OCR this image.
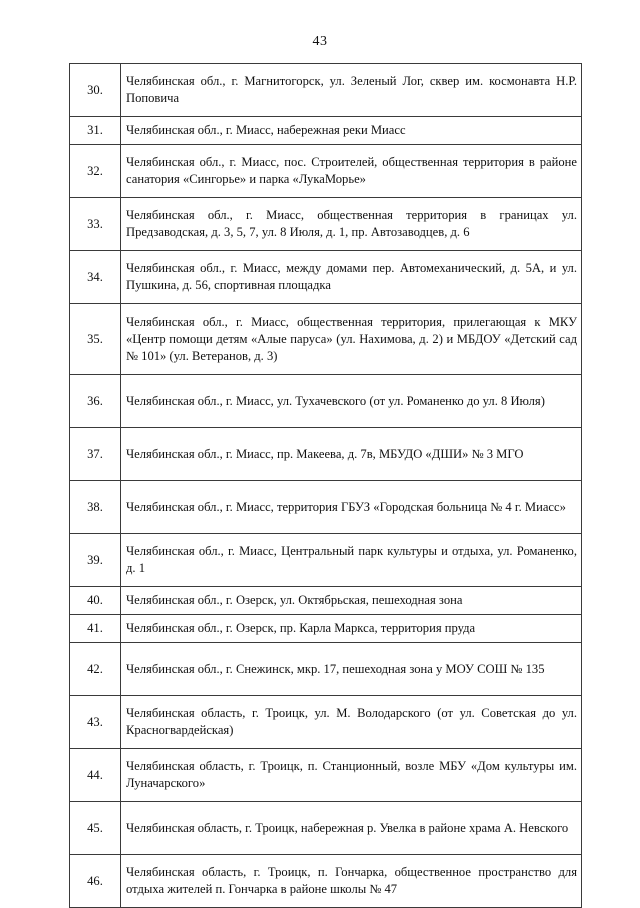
43
30.	Челябинская обл., г. Магнитогорск, ул. Зеленый Лог, сквер им. космонавта Н.Р. Поповича
31.	Челябинская обл., г. Миасс, набережная реки Миасс
32.	Челябинская обл., г. Миасс, пос. Строителей, общественная территория в районе санатория «Сингорье» и парка «ЛукаМорье»
33.	Челябинская обл., г. Миасс, общественная территория в границах ул. Предзаводская, д. 3, 5, 7, ул. 8 Июля, д. 1, пр. Автозаводцев, д. 6
34.	Челябинская обл., г. Миасс, между домами пер. Автомеханический, д. 5А, и ул. Пушкина, д. 56, спортивная площадка
35.	Челябинская обл., г. Миасс, общественная территория, прилегающая к МКУ «Центр помощи детям «Алые паруса» (ул. Нахимова, д. 2) и МБДОУ «Детский сад № 101» (ул. Ветеранов, д. 3)
36.	Челябинская обл., г. Миасс, ул. Тухачевского (от ул. Романенко до ул. 8 Июля)
37.	Челябинская обл., г. Миасс, пр. Макеева, д. 7в, МБУДО «ДШИ» № 3 МГО
38.	Челябинская обл., г. Миасс, территория ГБУЗ «Городская больница № 4 г. Миасс»
39.	Челябинская обл., г. Миасс, Центральный парк культуры и отдыха, ул. Романенко, д. 1
40.	Челябинская обл., г. Озерск, ул. Октябрьская, пешеходная зона
41.	Челябинская обл., г. Озерск, пр. Карла Маркса, территория пруда
42.	Челябинская обл., г. Снежинск, мкр. 17, пешеходная зона у МОУ СОШ № 135
43.	Челябинская область, г. Троицк, ул. М. Володарского (от ул. Советская до ул. Красногвардейская)
44.	Челябинская область, г. Троицк, п. Станционный, возле МБУ «Дом культуры им. Луначарского»
45.	Челябинская область, г. Троицк, набережная р. Увелка в районе храма А. Невского
46.	Челябинская область, г. Троицк, п. Гончарка, общественное пространство для отдыха жителей п. Гончарка в районе школы № 47
